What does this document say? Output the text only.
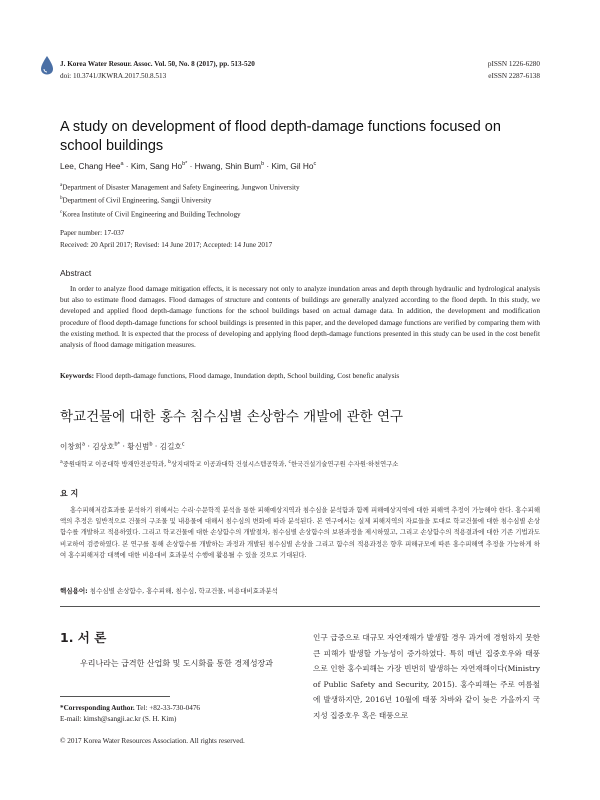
J. Korea Water Resour. Assoc. Vol. 50, No. 8 (2017), pp. 513-520
doi: 10.3741/JKWRA.2017.50.8.513
pISSN 1226-6280
eISSN 2287-6138
A study on development of flood depth-damage functions focused on school buildings
Lee, Chang Hee$^a$ · Kim, Sang $Ho^{b*}$ · Hwang, Shin Bum$^b$ · Kim, Gil Ho$^c$
$^a$Department of Disaster Management and Safety Engineering, Jungwon University
$^b$Department of Civil Engineering, Sangji University
$^c$Korea Institute of Civil Engineering and Building Technology
Paper number: 17-037
Received: 20 April 2017; Revised: 14 June 2017; Accepted: 14 June 2017
Abstract
In order to analyze flood damage mitigation effects, it is necessary not only to analyze inundation areas and depth through hydraulic and hydrological analysis but also to estimate flood damages. Flood damages of structure and contents of buildings are generally analyzed according to the flood depth. In this study, we developed and applied flood depth-damage functions for the school buildings based on actual damage data. In addition, the development and modification procedure of flood depth-damage functions for school buildings is presented in this paper, and the developed damage functions are verified by comparing them with the existing method. It is expected that the process of developing and applying flood depth-damage functions presented in this study can be used in the cost benefit analysis of flood damage mitigation measures.
Keywords: Flood depth-damage functions, Flood damage, Inundation depth, School building, Cost benefic analysis
학교건물에 대한 홍수 침수심별 손상함수 개발에 관한 연구
이창희$^a$ · 김상호$^{b*}$ · 황신범$^b$ · 김길호$^c$
$^a$중원대학교 이공대학 방재안전공학과, $^b$상지대학교 이공과대학 건설시스템공학과, $^c$한국건설기술연구원 수자원·하천연구소
요 지
홍수피해저감효과를 분석하기 위해서는 수리·수문학적 분석을 통한 피해예상지역과 침수심을 분석함과 함께 피해예상지역에 대한 피해액 추정이 가능해야 한다. 홍수피해액의 추정은 일반적으로 건물의 구조물 및 내용물에 대해서 침수심의 변화에 따라 분석된다. 본 연구에서는 실제 피해지역의 자료들을 토대로 학교건물에 대한 침수심별 손상함수를 개발하고 적용하였다. 그리고 학교건물에 대한 손상함수의 개발절차, 침수심별 손상함수의 보완과정을 제시하였고, 그리고 손상함수의 적용결과에 대한 기존 기법과도 비교하여 검증하였다. 본 연구를 통해 손상함수를 개발하는 과정과 개발된 침수심별 손상을 그리고 함수의 적용과정은 향후 피해규모에 따른 홍수피해액 추정을 가능하게 하여 홍수피해저감 대책에 대한 비용대비 효과분석 수행에 활용될 수 있을 것으로 기대된다.
핵심용어: 침수심별 손상함수, 홍수피해, 침수심, 학교건물, 비용대비효과분석
1. 서 론
우리나라는 급격한 산업화 및 도시화를 통한 경제성장과
인구 급증으로 대규모 자연재해가 발생할 경우 과거에 경험하지 못한 큰 피해가 발생할 가능성이 증가하였다. 특히 매년 집중호우와 태풍으로 인한 홍수피해는 가장 빈번히 발생하는 자연재해이다(Ministry of Public Safety and Security, 2015). 홍수피해는 주로 여름철에 발생하지만, 2016년 10월에 태풍 차바와 같이 늦은 가을까지 국지성 집중호우 혹은 태풍으로
*Corresponding Author. Tel: +82-33-730-0476
E-mail: kimsh@sangji.ac.kr (S. H. Kim)
© 2017 Korea Water Resources Association. All rights reserved.
